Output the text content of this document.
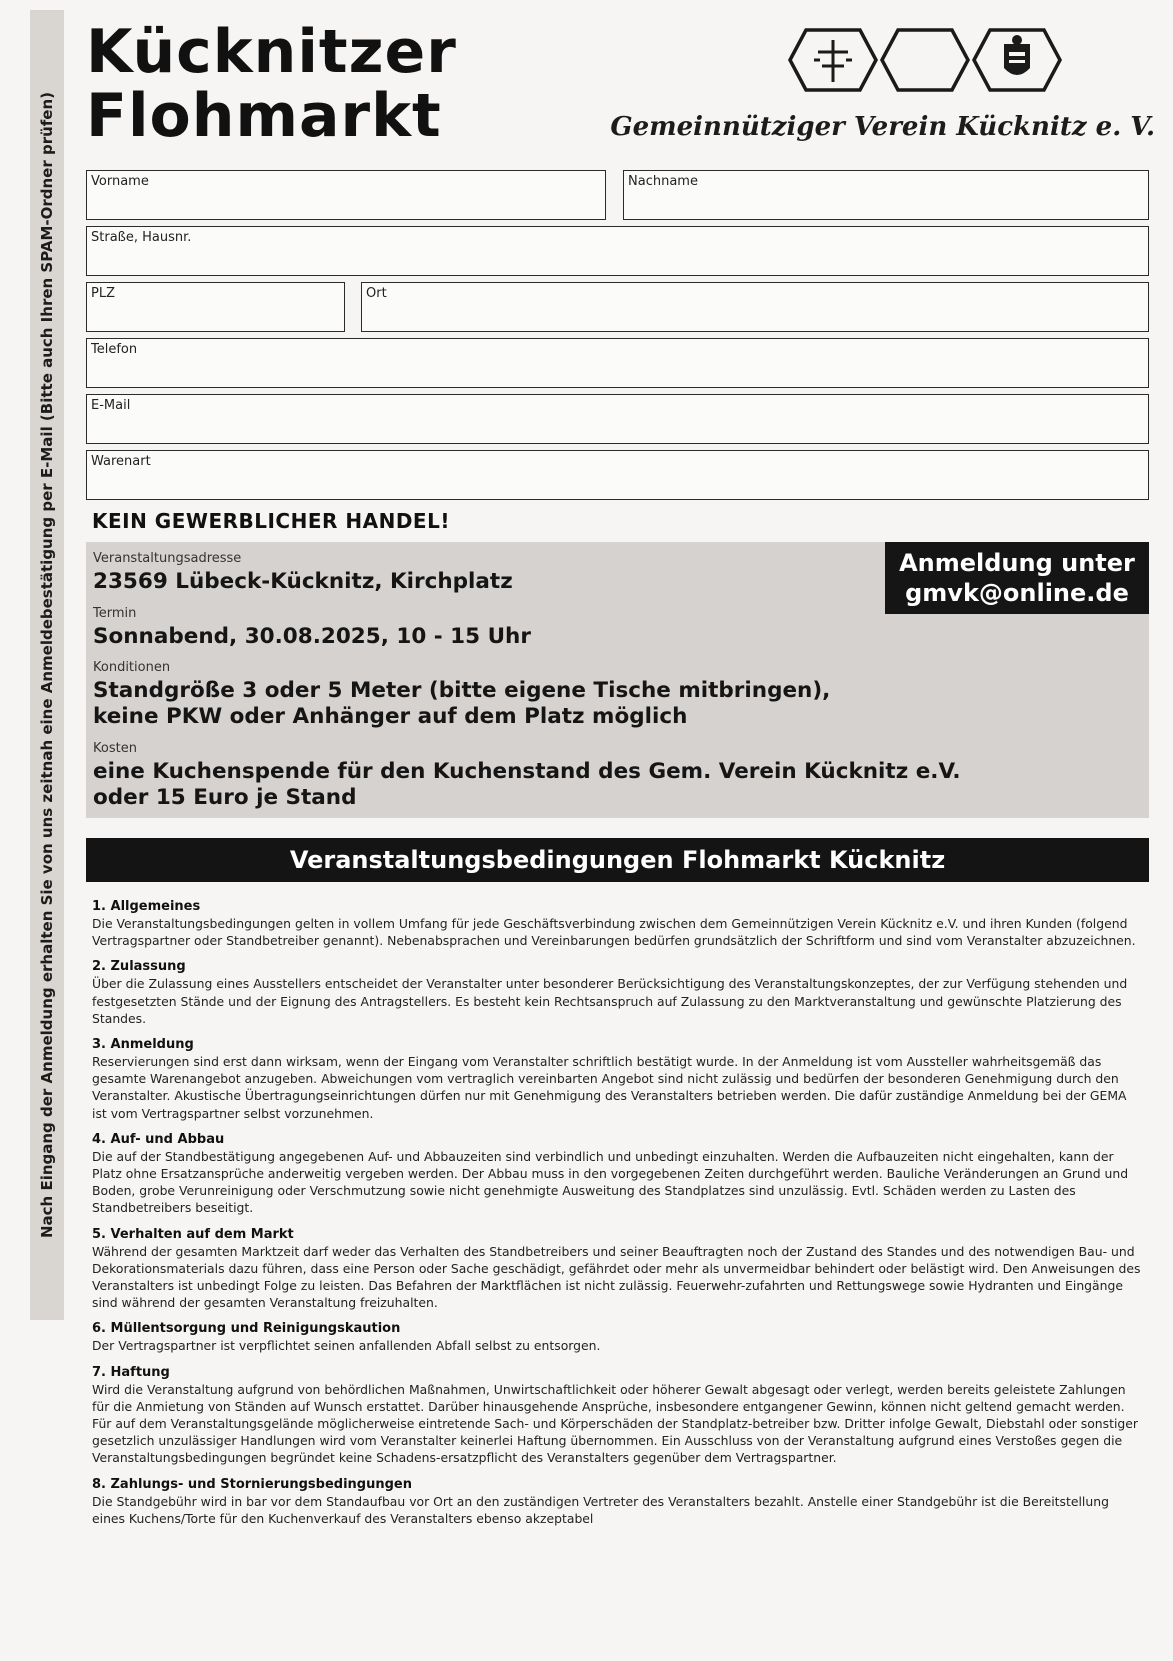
Nach Eingang der Anmeldung erhalten Sie von uns zeitnah eine Anmeldebestätigung per E-Mail (Bitte auch Ihren SPAM-Ordner prüfen)
Kücknitzer
Flohmarkt	Gemeinnütziger Verein Kücknitz e. V.
Vorname	Nachname
Straße, Hausnr.
PLZ	Ort
Telefon
E-Mail
Warenart
KEIN GEWERBLICHER HANDEL!
Veranstaltungsadresse
23569 Lübeck-Kücknitz, Kirchplatz
Termin
Sonnabend, 30.08.2025, 10 - 15 Uhr
Konditionen
Standgröße 3 oder 5 Meter (bitte eigene Tische mitbringen),
keine PKW oder Anhänger auf dem Platz möglich
Kosten
eine Kuchenspende für den Kuchenstand des Gem. Verein Kücknitz e.V.
oder 15 Euro je Stand
Anmeldung unter
gmvk@online.de
Veranstaltungsbedingungen Flohmarkt Kücknitz
1. Allgemeines
Die Veranstaltungsbedingungen gelten in vollem Umfang für jede Geschäftsverbindung zwischen dem Gemeinnützigen Verein Kücknitz e.V. und ihren Kunden (folgend Vertragspartner oder Standbetreiber genannt). Nebenabsprachen und Vereinbarungen bedürfen grundsätzlich der Schriftform und sind vom Veranstalter abzuzeichnen.
2. Zulassung
Über die Zulassung eines Ausstellers entscheidet der Veranstalter unter besonderer Berücksichtigung des Veranstaltungskonzeptes, der zur Verfügung stehenden und festgesetzten Stände und der Eignung des Antragstellers. Es besteht kein Rechtsanspruch auf Zulassung zu den Marktveranstaltung und gewünschte Platzierung des Standes.
3. Anmeldung
Reservierungen sind erst dann wirksam, wenn der Eingang vom Veranstalter schriftlich bestätigt wurde. In der Anmeldung ist vom Aussteller wahrheitsgemäß das gesamte Warenangebot anzugeben. Abweichungen vom vertraglich vereinbarten Angebot sind nicht zulässig und bedürfen der besonderen Genehmigung durch den Veranstalter. Akustische Übertragungseinrichtungen dürfen nur mit Genehmigung des Veranstalters betrieben werden. Die dafür zuständige Anmeldung bei der GEMA ist vom Vertragspartner selbst vorzunehmen.
4. Auf- und Abbau
Die auf der Standbestätigung angegebenen Auf- und Abbauzeiten sind verbindlich und unbedingt einzuhalten. Werden die Aufbauzeiten nicht eingehalten, kann der Platz ohne Ersatzansprüche anderweitig vergeben werden. Der Abbau muss in den vorgegebenen Zeiten durchgeführt werden. Bauliche Veränderungen an Grund und Boden, grobe Verunreinigung oder Verschmutzung sowie nicht genehmigte Ausweitung des Standplatzes sind unzulässig. Evtl. Schäden werden zu Lasten des Standbetreibers beseitigt.
5. Verhalten auf dem Markt
Während der gesamten Marktzeit darf weder das Verhalten des Standbetreibers und seiner Beauftragten noch der Zustand des Standes und des notwendigen Bau- und Dekorationsmaterials dazu führen, dass eine Person oder Sache geschädigt, gefährdet oder mehr als unvermeidbar behindert oder belästigt wird. Den Anweisungen des Veranstalters ist unbedingt Folge zu leisten. Das Befahren der Marktflächen ist nicht zulässig. Feuerwehr-zufahrten und Rettungswege sowie Hydranten und Eingänge sind während der gesamten Veranstaltung freizuhalten.
6. Müllentsorgung und Reinigungskaution
Der Vertragspartner ist verpflichtet seinen anfallenden Abfall selbst zu entsorgen.
7. Haftung
Wird die Veranstaltung aufgrund von behördlichen Maßnahmen, Unwirtschaftlichkeit oder höherer Gewalt abgesagt oder verlegt, werden bereits geleistete Zahlungen für die Anmietung von Ständen auf Wunsch erstattet. Darüber hinausgehende Ansprüche, insbesondere entgangener Gewinn, können nicht geltend gemacht werden. Für auf dem Veranstaltungsgelände möglicherweise eintretende Sach- und Körperschäden der Standplatz-betreiber bzw. Dritter infolge Gewalt, Diebstahl oder sonstiger gesetzlich unzulässiger Handlungen wird vom Veranstalter keinerlei Haftung übernommen. Ein Ausschluss von der Veranstaltung aufgrund eines Verstoßes gegen die Veranstaltungsbedingungen begründet keine Schadens-ersatzpflicht des Veranstalters gegenüber dem Vertragspartner.
8. Zahlungs- und Stornierungsbedingungen
Die Standgebühr wird in bar vor dem Standaufbau vor Ort an den zuständigen Vertreter des Veranstalters bezahlt. Anstelle einer Standgebühr ist die Bereitstellung eines Kuchens/Torte für den Kuchenverkauf des Veranstalters ebenso akzeptabel
